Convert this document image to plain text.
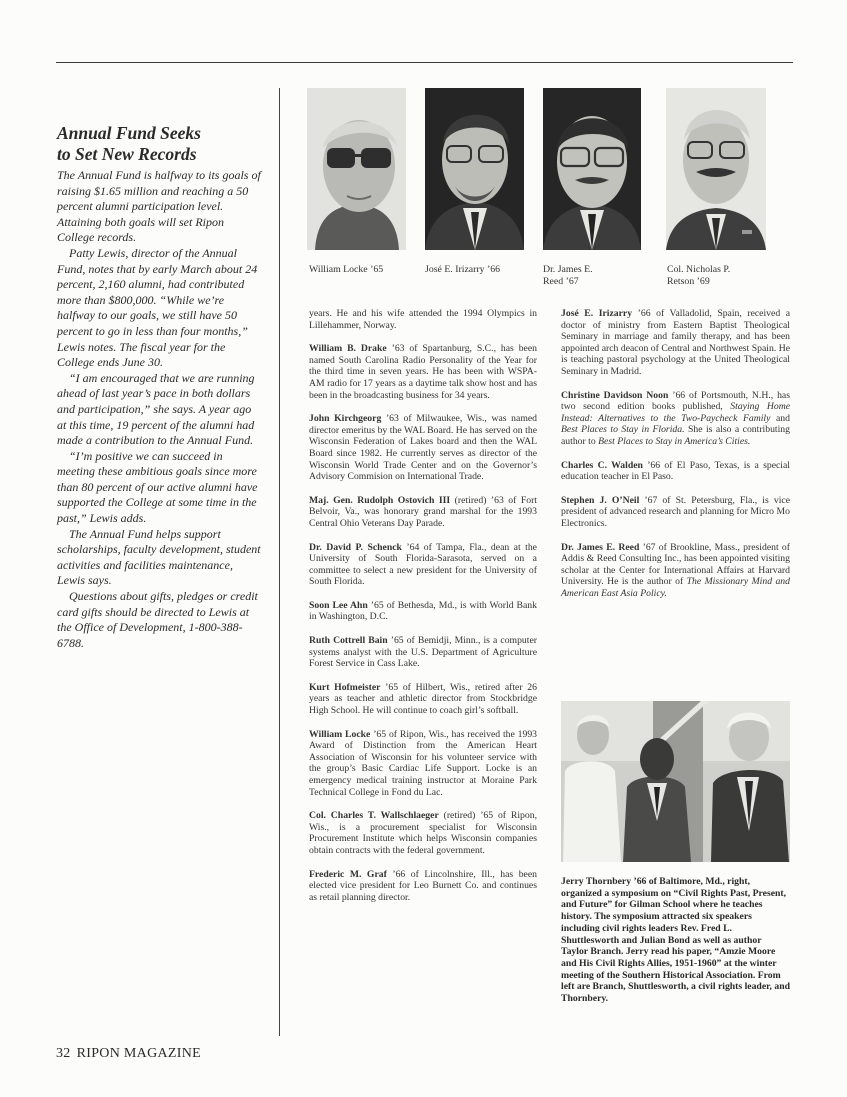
Annual Fund Seeks
to Set New Records

The Annual Fund is halfway to its goals of raising $1.65 million and reaching a 50 percent alumni participation level. Attaining both goals will set Ripon College records.

Patty Lewis, director of the Annual Fund, notes that by early March about 24 percent, 2,160 alumni, had contributed more than $800,000. “While we’re halfway to our goals, we still have 50 percent to go in less than four months,” Lewis notes. The fiscal year for the College ends June 30.

“I am encouraged that we are running ahead of last year’s pace in both dollars and participation,” she says. A year ago at this time, 19 percent of the alumni had made a contribution to the Annual Fund.

“I’m positive we can succeed in meeting these ambitious goals since more than 80 percent of our active alumni have supported the College at some time in the past,” Lewis adds.

The Annual Fund helps support scholarships, faculty development, student activities and facilities maintenance, Lewis says.

Questions about gifts, pledges or credit card gifts should be directed to Lewis at the Office of Development, 1-800-388-6788.

William Locke ’65	José E. Irizarry ’66	Dr. James E.
Reed ’67
Col. Nicholas P.
Retson ’69

years. He and his wife attended the 1994 Olympics in Lillehammer, Norway.

William B. Drake ’63 of Spartanburg, S.C., has been named South Carolina Radio Personality of the Year for the third time in seven years. He has been with WSPA-AM radio for 17 years as a daytime talk show host and has been in the broadcasting business for 34 years.

John Kirchgeorg ’63 of Milwaukee, Wis., was named director emeritus by the WAL Board. He has served on the Wisconsin Federation of Lakes board and then the WAL Board since 1982. He currently serves as director of the Wisconsin World Trade Center and on the Governor’s Advisory Commision on International Trade.

Maj. Gen. Rudolph Ostovich III (retired) ’63 of Fort Belvoir, Va., was honorary grand marshal for the 1993 Central Ohio Veterans Day Parade.

Dr. David P. Schenck ’64 of Tampa, Fla., dean at the University of South Florida-Sarasota, served on a committee to select a new president for the University of South Florida.

Soon Lee Ahn ’65 of Bethesda, Md., is with World Bank in Washington, D.C.

Ruth Cottrell Bain ’65 of Bemidji, Minn., is a computer systems analyst with the U.S. Department of Agriculture Forest Service in Cass Lake.

Kurt Hofmeister ’65 of Hilbert, Wis., retired after 26 years as teacher and athletic director from Stockbridge High School. He will continue to coach girl’s softball.

William Locke ’65 of Ripon, Wis., has received the 1993 Award of Distinction from the American Heart Association of Wisconsin for his volunteer service with the group’s Basic Cardiac Life Support. Locke is an emergency medical training instructor at Moraine Park Technical College in Fond du Lac.

Col. Charles T. Wallschlaeger (retired) ’65 of Ripon, Wis., is a procurement specialist for Wisconsin Procurement Institute which helps Wisconsin companies obtain contracts with the federal government.

Frederic M. Graf ’66 of Lincolnshire, Ill., has been elected vice president for Leo Burnett Co. and continues as retail planning director.

José E. Irizarry ’66 of Valladolid, Spain, received a doctor of ministry from Eastern Baptist Theological Seminary in marriage and family therapy, and has been appointed arch deacon of Central and Northwest Spain. He is teaching pastoral psychology at the United Theological Seminary in Madrid.

Christine Davidson Noon ’66 of Portsmouth, N.H., has two second edition books published, Staying Home Instead: Alternatives to the Two-Paycheck Family and Best Places to Stay in Florida. She is also a contributing author to Best Places to Stay in America’s Cities.

Charles C. Walden ’66 of El Paso, Texas, is a special education teacher in El Paso.

Stephen J. O’Neil ’67 of St. Petersburg, Fla., is vice president of advanced research and planning for Micro Mo Electronics.

Dr. James E. Reed ’67 of Brookline, Mass., president of Addis & Reed Consulting Inc., has been appointed visiting scholar at the Center for International Affairs at Harvard University. He is the author of The Missionary Mind and American East Asia Policy.

Jerry Thornbery ’66 of Baltimore, Md., right, organized a symposium on “Civil Rights Past, Present, and Future” for Gilman School where he teaches history. The symposium attracted six speakers including civil rights leaders Rev. Fred L. Shuttlesworth and Julian Bond as well as author Taylor Branch. Jerry read his paper, “Amzie Moore and His Civil Rights Allies, 1951-1960” at the winter meeting of the Southern Historical Association. From left are Branch, Shuttlesworth, a civil rights leader, and Thornbery.
32 RIPON MAGAZINE
